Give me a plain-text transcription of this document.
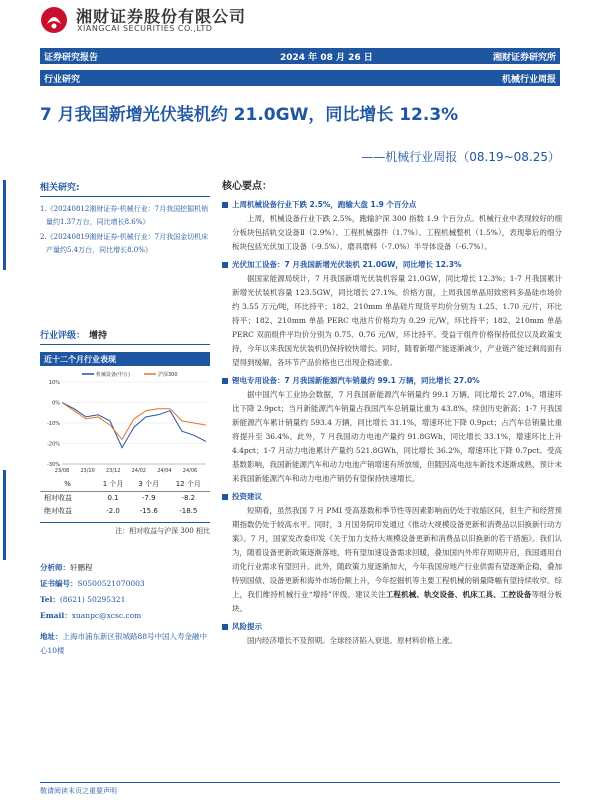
湘财证券股份有限公司
XIANGCAI SECURITIES CO.,LTD
证券研究报告	2024 年 08 月 26 日	湘财证券研究所
行业研究	机械行业周报
7 月我国新增光伏装机约 21.0GW，同比增长 12.3%
——机械行业周报（08.19~08.25）
相关研究:

1.《20240812湘财证券-机械行业：7月我国挖掘机销量约1.37万台，同比增长8.6%》

2.《20240819湘财证券-机械行业：7月我国金切机床产量约5.4万台，同比增长8.0%》

行业评级： 增持
近十二个月行业表现
机械设备(申万)	沪深300
10%
0%
-10%
-20%
-30%
23/08 23/10 23/12 24/02 24/04 24/06
%	1 个月	3 个月	12 个月
相对收益	0.1	-7.9	-8.2
绝对收益	-2.0	-15.6	-18.5
注：相对收益与沪深 300 相比
分析师：轩鹏程
证书编号：S0500521070003
Tel：(8621) 50295321
Email：xuanpc@xcsc.com
地址：上海市浦东新区银城路88号中国人寿金融中心10楼
核心要点：
上周机械设备行业下跌 2.5%，跑输大盘 1.9 个百分点

上周，机械设备行业下跌 2.5%，跑输沪深 300 指数 1.9 个百分点。机械行业中表现较好的细分板块包括轨交设备Ⅱ（2.9%）、工程机械器件（1.7%）、工程机械整机（1.5%），表现靠后的细分板块包括光伏加工设备（-9.5%）、磨具磨料（-7.0%）半导体设备（-6.7%）。

光伏加工设备：7 月我国新增光伏装机 21.0GW，同比增长 12.3%

据国家能源局统计，7 月我国新增光伏装机容量 21.0GW，同比增长 12.3%；1-7 月我国累计新增光伏装机容量 123.5GW，同比增长 27.1%。价格方面，上周我国单晶用致密料多晶硅市场价约 3.55 万元/吨，环比持平；182、210mm 单晶硅片现货平均价分别为 1.25、1.70 元/片，环比持平；182、210mm 单晶 PERC 电池片价格均为 0.29 元/W，环比持平；182、210mm 单晶 PERC 双面组件平均价分别为 0.75、0.76 元/W，环比持平。受益于组件价格保持低位以及政策支持，今年以来我国光伏装机仍保持较快增长。同时，随着新增产能逐渐减少，产业链产能过剩局面有望得到缓解，各环节产品价格也已出现企稳迹象。

锂电专用设备：7 月我国新能源汽车销量约 99.1 万辆，同比增长 27.0%

据中国汽车工业协会数据，7 月我国新能源汽车销量约 99.1 万辆，同比增长 27.0%，增速环比下降 2.9pct；当月新能源汽车销量占我国汽车总销量比重为 43.8%，续创历史新高；1-7 月我国新能源汽车累计销量约 593.4 万辆，同比增长 31.1%，增速环比下降 0.9pct；占汽车总销量比重将提升至 36.4%。此外，7 月我国动力电池产量约 91.8GWh，同比增长 33.1%，增速环比上升 4.4pct；1-7 月动力电池累计产量约 521.8GWh，同比增长 36.2%，增速环比下降 0.7pct。受高基数影响，我国新能源汽车和动力电池产销增速有所放缓，但随因高电池车新技术逐渐成熟，预计未来我国新能源汽车和动力电池产销仍有望保持快速增长。

投资建议

短期看，虽然我国 7 月 PMI 受高基数和季节性等因素影响而仍处于收缩区间，但生产和经营预期指数仍处于较高水平。同时，3 月国务院印发通过《推动大规模设备更新和消费品以旧换新行动方案》。7 月，国家发改委印发《关于加力支持大规模设备更新和消费品以旧换新的若干措施》。我们认为，随着设备更新政策逐渐落地，将有望加速设备需求回暖，叠加国内外库存周期开启，我国通用自动化行业需求有望回升。此外，随政策力度逐渐加大，今年我国房地产行业供需有望逐渐企稳，叠加特别国债、设备更新和海外市场份额上升，今年挖掘机等主要工程机械的销量降幅有望持续收窄。综上，我们维持机械行业“增持”评级。建议关注工程机械、轨交设备、机床工具、工控设备等细分板块。

风险提示

国内经济增长不及预期。全球经济陷入衰退。原材料价格上涨。

敬请阅读末页之重要声明
